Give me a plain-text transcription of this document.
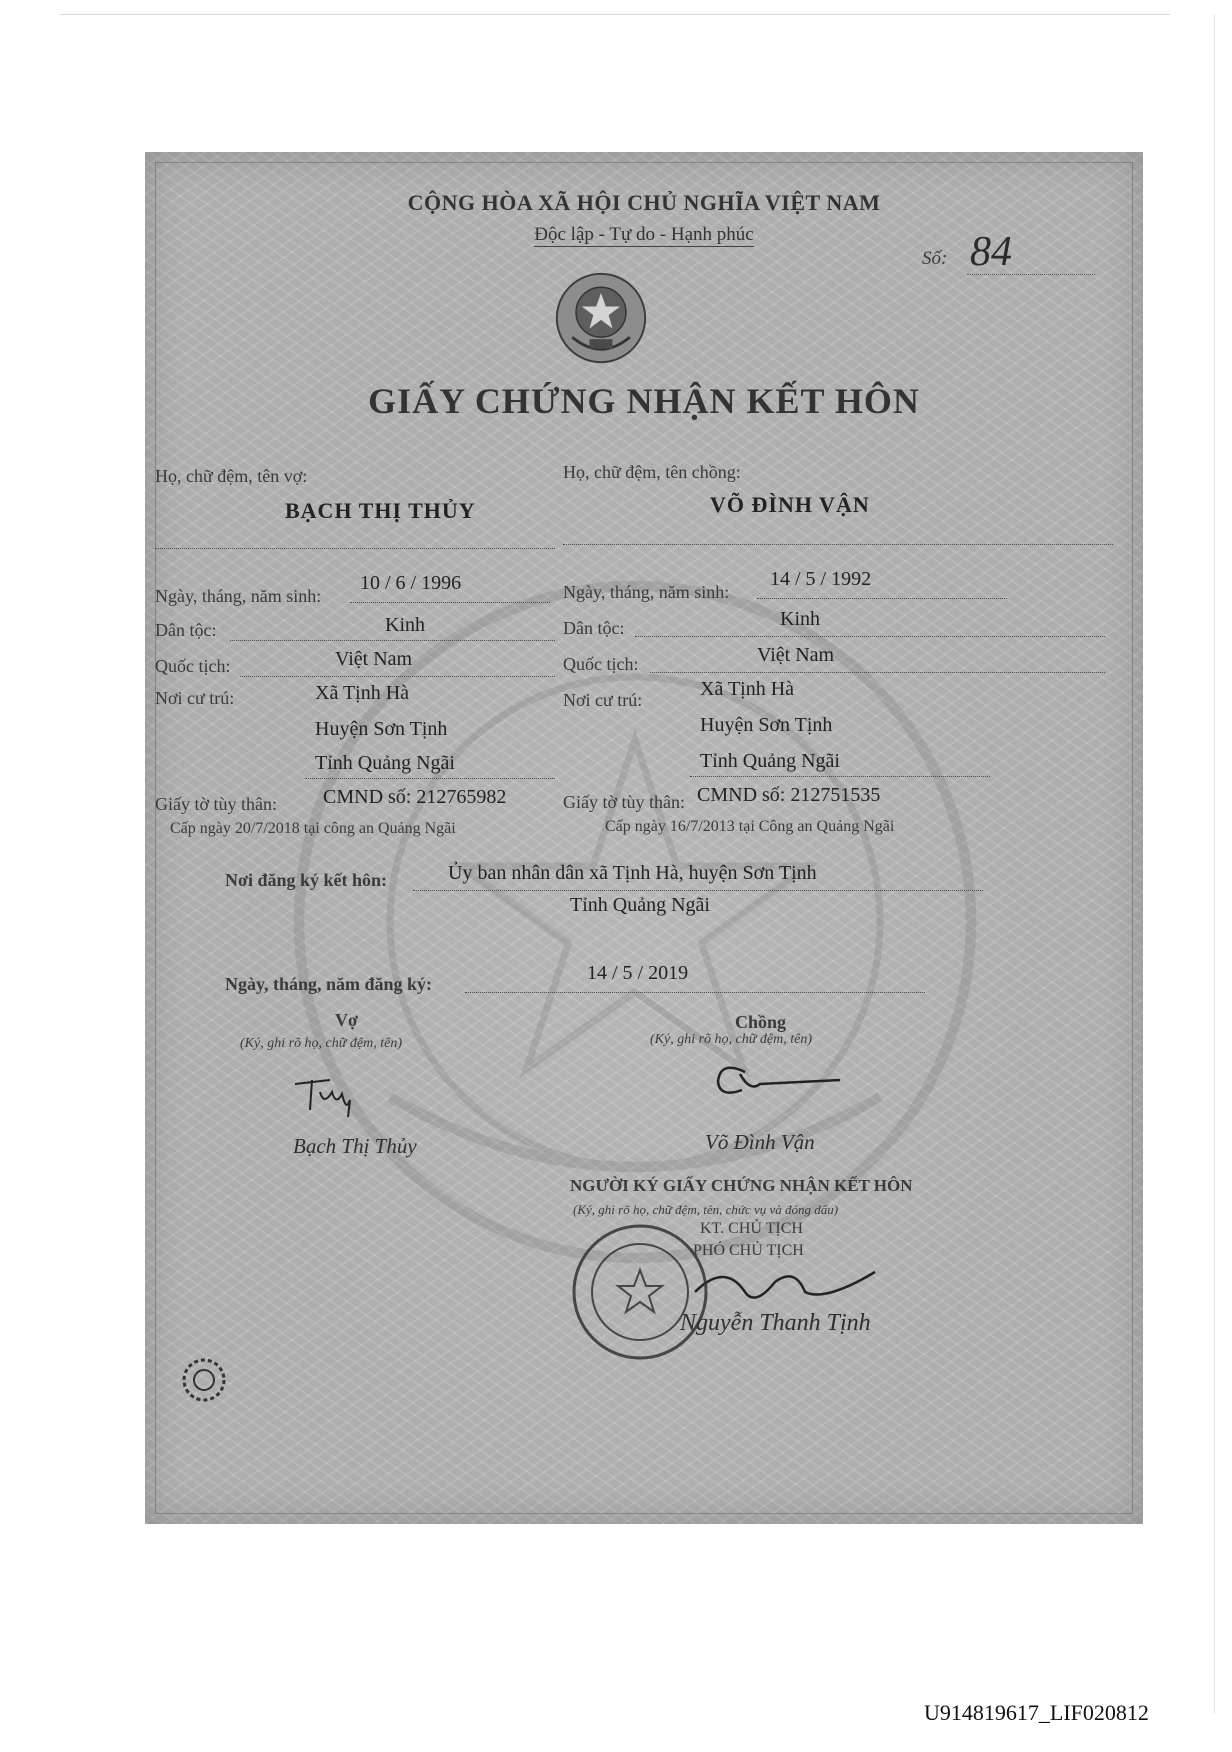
CỘNG HÒA XÃ HỘI CHỦ NGHĨA VIỆT NAM
Độc lập - Tự do - Hạnh phúc
Số: 84
GIẤY CHỨNG NHẬN KẾT HÔN
Họ, chữ đệm, tên vợ:
BẠCH THỊ THỦY
Ngày, tháng, năm sinh:
10 / 6 / 1996
Dân tộc:	Kinh
Quốc tịch:	Việt Nam
Nơi cư trú:	Xã Tịnh Hà
Huyện Sơn Tịnh
Tỉnh Quảng Ngãi
Giấy tờ tùy thân: CMND số: 212765982
Cấp ngày 20/7/2018 tại công an Quảng Ngãi
Họ, chữ đệm, tên chồng:
VÕ ĐÌNH VẬN
Ngày, tháng, năm sinh:
14 / 5 / 1992
Dân tộc:	Kinh
Quốc tịch:	Việt Nam
Nơi cư trú:	Xã Tịnh Hà
Huyện Sơn Tịnh
Tỉnh Quảng Ngãi
Giấy tờ tùy thân: CMND số: 212751535
Cấp ngày 16/7/2013 tại Công an Quảng Ngãi
Nơi đăng ký kết hôn:	Ủy ban nhân dân xã Tịnh Hà, huyện Sơn Tịnh
Tỉnh Quảng Ngãi
Ngày, tháng, năm đăng ký:	14 / 5 / 2019
Vợ
(Ký, ghi rõ họ, chữ đệm, tên)
Chồng
(Ký, ghi rõ họ, chữ đệm, tên)
Bạch Thị Thủy	Võ Đình Vận
NGƯỜI KÝ GIẤY CHỨNG NHẬN KẾT HÔN
(Ký, ghi rõ họ, chữ đệm, tên, chức vụ và đóng dấu)
KT. CHỦ TỊCH
PHÓ CHỦ TỊCH
Nguyễn Thanh Tịnh
U914819617_LIF020812
